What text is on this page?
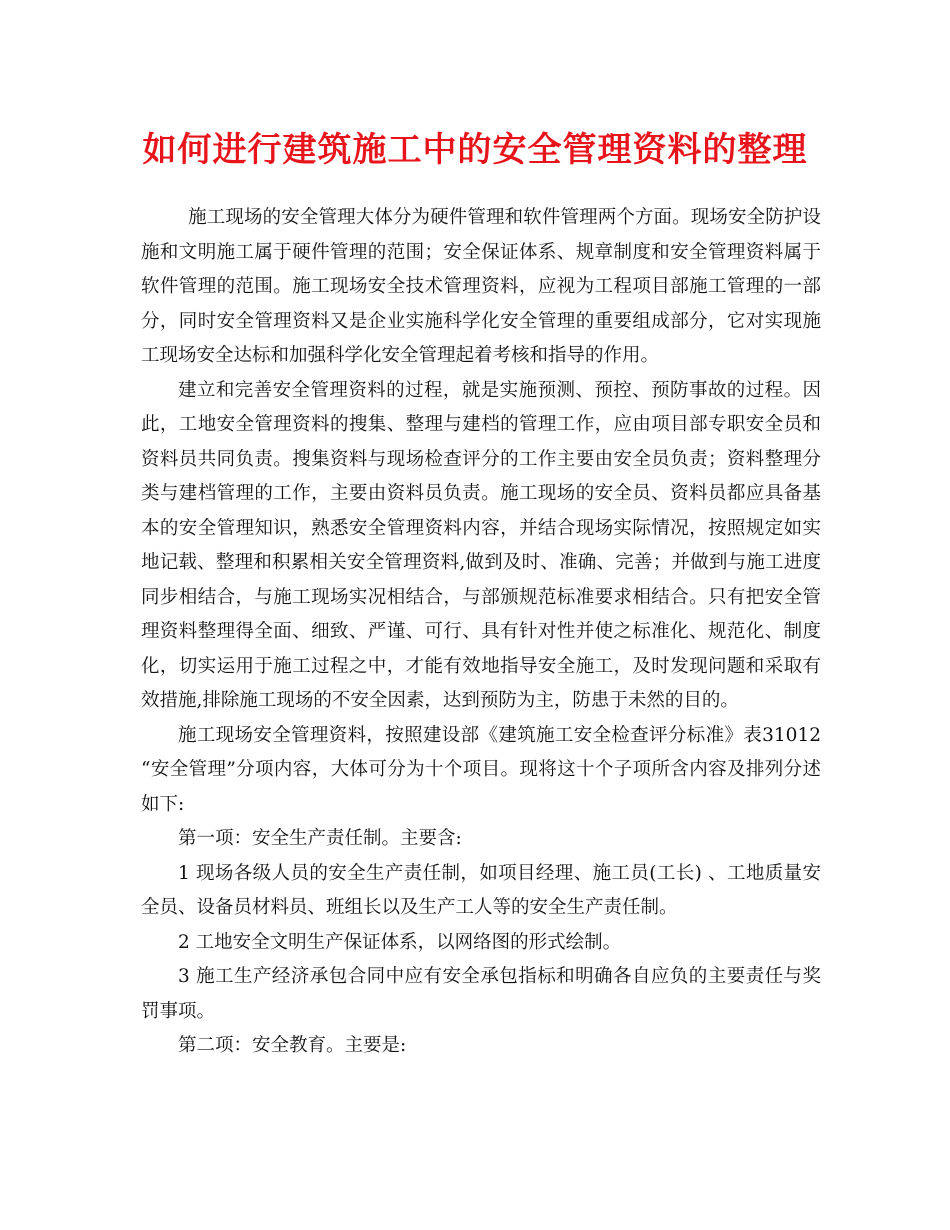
如何进行建筑施工中的安全管理资料的整理

施工现场的安全管理大体分为硬件管理和软件管理两个方面。现场安全防护设施和文明施工属于硬件管理的范围；安全保证体系、规章制度和安全管理资料属于软件管理的范围。施工现场安全技术管理资料，应视为工程项目部施工管理的一部分，同时安全管理资料又是企业实施科学化安全管理的重要组成部分，它对实现施工现场安全达标和加强科学化安全管理起着考核和指导的作用。

建立和完善安全管理资料的过程，就是实施预测、预控、预防事故的过程。因此，工地安全管理资料的搜集、整理与建档的管理工作，应由项目部专职安全员和资料员共同负责。搜集资料与现场检查评分的工作主要由安全员负责；资料整理分类与建档管理的工作，主要由资料员负责。施工现场的安全员、资料员都应具备基本的安全管理知识，熟悉安全管理资料内容，并结合现场实际情况，按照规定如实地记载、整理和积累相关安全管理资料,做到及时、准确、完善；并做到与施工进度同步相结合，与施工现场实况相结合，与部颁规范标准要求相结合。只有把安全管理资料整理得全面、细致、严谨、可行、具有针对性并使之标准化、规范化、制度化，切实运用于施工过程之中，才能有效地指导安全施工，及时发现问题和采取有效措施,排除施工现场的不安全因素，达到预防为主，防患于未然的目的。

施工现场安全管理资料，按照建设部《建筑施工安全检查评分标准》表31012 “安全管理”分项内容，大体可分为十个项目。现将这十个子项所含内容及排列分述如下:

第一项：安全生产责任制。主要含:

1 现场各级人员的安全生产责任制，如项目经理、施工员(工长) 、工地质量安全员、设备员材料员、班组长以及生产工人等的安全生产责任制。

2 工地安全文明生产保证体系，以网络图的形式绘制。

3 施工生产经济承包合同中应有安全承包指标和明确各自应负的主要责任与奖罚事项。

第二项：安全教育。主要是:
